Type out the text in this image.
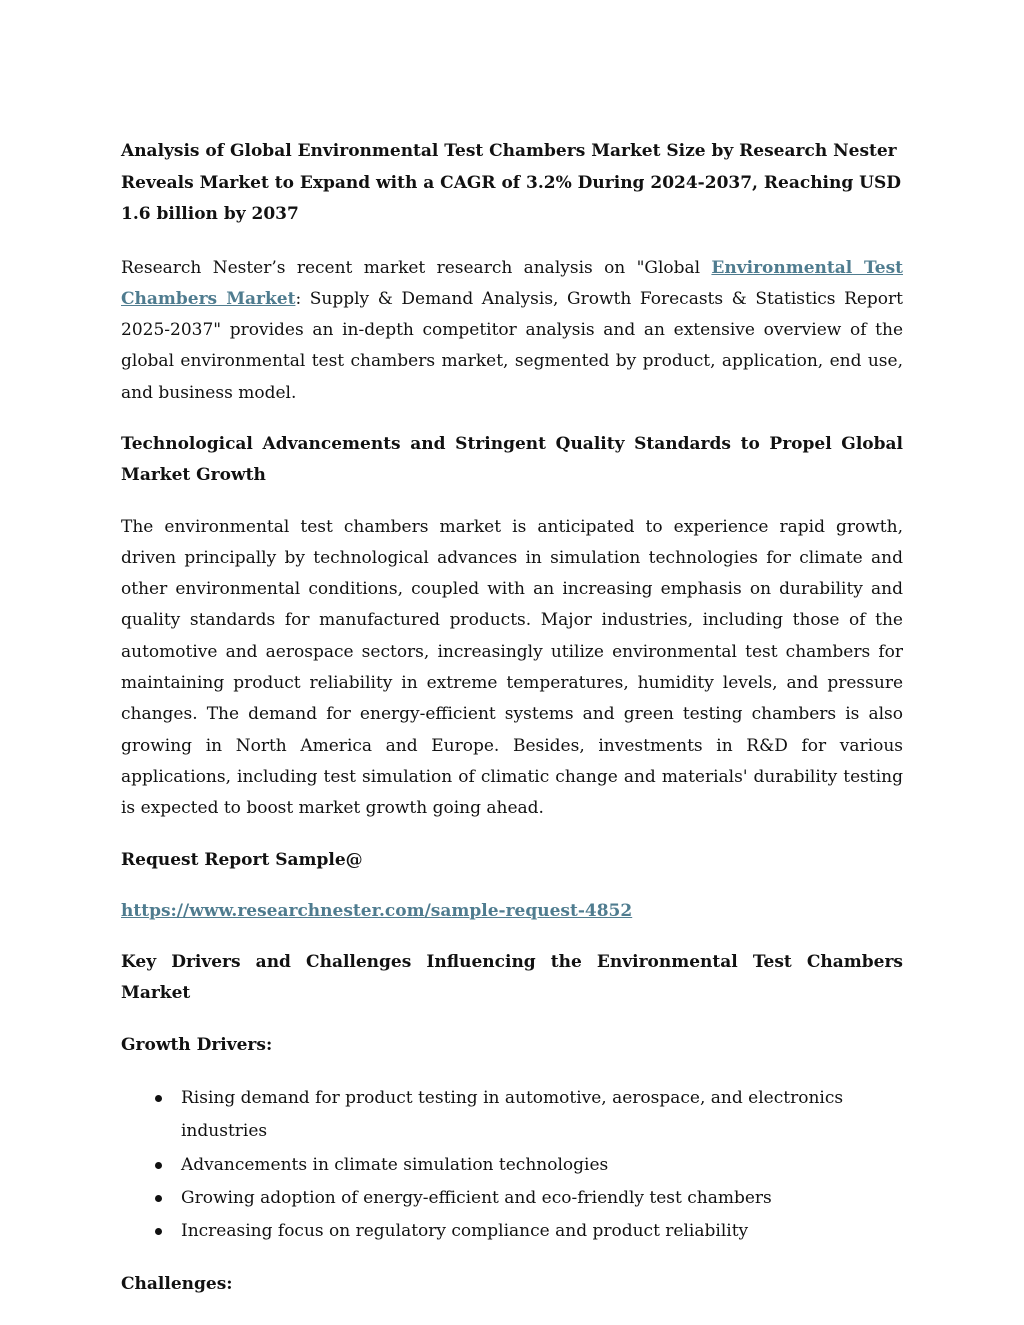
Analysis of Global Environmental Test Chambers Market Size by Research Nester Reveals Market to Expand with a CAGR of 3.2% During 2024-2037, Reaching USD 1.6 billion by 2037

Research Nester’s recent market research analysis on "Global Environmental Test Chambers Market: Supply & Demand Analysis, Growth Forecasts & Statistics Report 2025-2037" provides an in-depth competitor analysis and an extensive overview of the global environmental test chambers market, segmented by product, application, end use, and business model.

Technological Advancements and Stringent Quality Standards to Propel Global Market Growth

The environmental test chambers market is anticipated to experience rapid growth, driven principally by technological advances in simulation technologies for climate and other environmental conditions, coupled with an increasing emphasis on durability and quality standards for manufactured products. Major industries, including those of the automotive and aerospace sectors, increasingly utilize environmental test chambers for maintaining product reliability in extreme temperatures, humidity levels, and pressure changes. The demand for energy-efficient systems and green testing chambers is also growing in North America and Europe. Besides, investments in R&D for various applications, including test simulation of climatic change and materials' durability testing is expected to boost market growth going ahead.

Request Report Sample@

https://www.researchnester.com/sample-request-4852

Key Drivers and Challenges Influencing the Environmental Test Chambers Market

Growth Drivers:

Rising demand for product testing in automotive, aerospace, and electronics industries
Advancements in climate simulation technologies
Growing adoption of energy-efficient and eco-friendly test chambers
Increasing focus on regulatory compliance and product reliability

Challenges:
